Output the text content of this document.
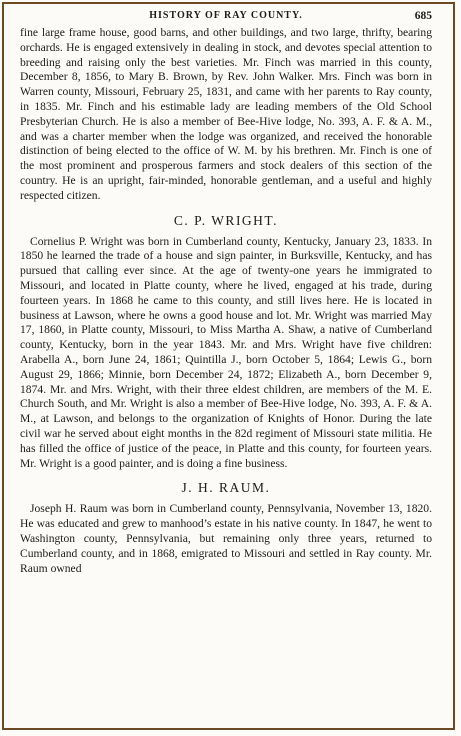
HISTORY OF RAY COUNTY.	685

fine large frame house, good barns, and other buildings, and two large, thrifty, bearing orchards. He is engaged extensively in dealing in stock, and devotes special attention to breeding and raising only the best varieties. Mr. Finch was married in this county, December 8, 1856, to Mary B. Brown, by Rev. John Walker. Mrs. Finch was born in Warren county, Missouri, February 25, 1831, and came with her parents to Ray county, in 1835. Mr. Finch and his estimable lady are leading members of the Old School Presbyterian Church. He is also a member of Bee-Hive lodge, No. 393, A. F. & A. M., and was a charter member when the lodge was organized, and received the honorable distinction of being elected to the office of W. M. by his brethren. Mr. Finch is one of the most prominent and prosperous farmers and stock dealers of this section of the country. He is an upright, fair-minded, honorable gentleman, and a useful and highly respected citizen.

C. P. WRIGHT.

Cornelius P. Wright was born in Cumberland county, Kentucky, January 23, 1833. In 1850 he learned the trade of a house and sign painter, in Burksville, Kentucky, and has pursued that calling ever since. At the age of twenty-one years he immigrated to Missouri, and located in Platte county, where he lived, engaged at his trade, during fourteen years. In 1868 he came to this county, and still lives here. He is located in business at Lawson, where he owns a good house and lot. Mr. Wright was married May 17, 1860, in Platte county, Missouri, to Miss Martha A. Shaw, a native of Cumberland county, Kentucky, born in the year 1843. Mr. and Mrs. Wright have five children: Arabella A., born June 24, 1861; Quintilla J., born October 5, 1864; Lewis G., born August 29, 1866; Minnie, born December 24, 1872; Elizabeth A., born December 9, 1874. Mr. and Mrs. Wright, with their three eldest children, are members of the M. E. Church South, and Mr. Wright is also a member of Bee-Hive lodge, No. 393, A. F. & A. M., at Lawson, and belongs to the organization of Knights of Honor. During the late civil war he served about eight months in the 82d regiment of Missouri state militia. He has filled the office of justice of the peace, in Platte and this county, for fourteen years. Mr. Wright is a good painter, and is doing a fine business.

J. H. RAUM.

Joseph H. Raum was born in Cumberland county, Pennsylvania, November 13, 1820. He was educated and grew to manhood’s estate in his native county. In 1847, he went to Washington county, Pennsylvania, but remaining only three years, returned to Cumberland county, and in 1868, emigrated to Missouri and settled in Ray county. Mr. Raum owned
